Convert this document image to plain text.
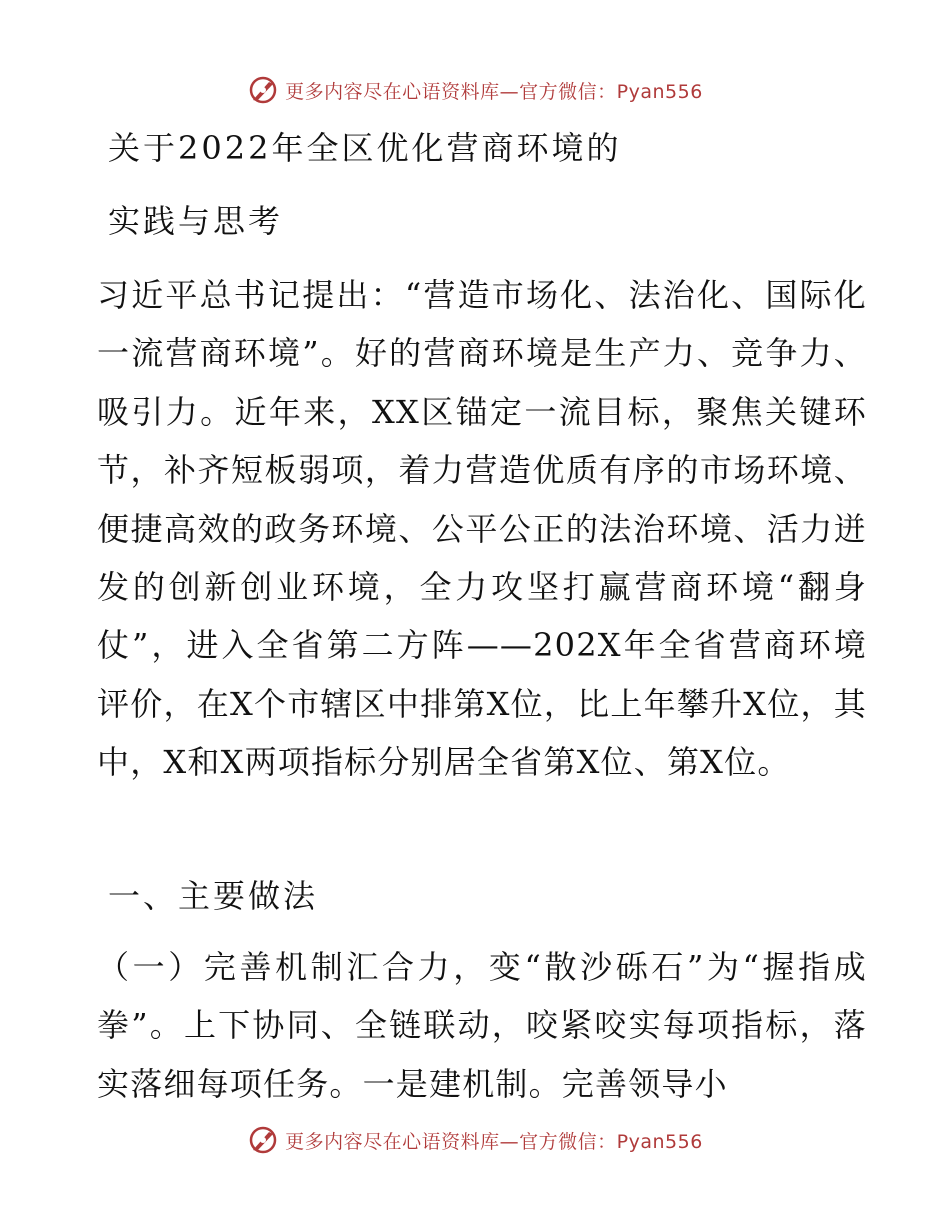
更多内容尽在心语资料库—官方微信：Pyan556
关于2022年全区优化营商环境的
实践与思考

习近平总书记提出：“营造市场化、法治化、国际化一流营商环境”。好的营商环境是生产力、竞争力、吸引力。近年来，XX区锚定一流目标，聚焦关键环节，补齐短板弱项，着力营造优质有序的市场环境、便捷高效的政务环境、公平公正的法治环境、活力迸发的创新创业环境，全力攻坚打赢营商环境“翻身仗”，进入全省第二方阵——202X年全省营商环境评价，在X个市辖区中排第X位，比上年攀升X位，其中，X和X两项指标分别居全省第X位、第X位。

一、主要做法

（一）完善机制汇合力，变“散沙砾石”为“握指成拳”。上下协同、全链联动，咬紧咬实每项指标，落实落细每项任务。一是建机制。完善领导小

更多内容尽在心语资料库—官方微信：Pyan556
